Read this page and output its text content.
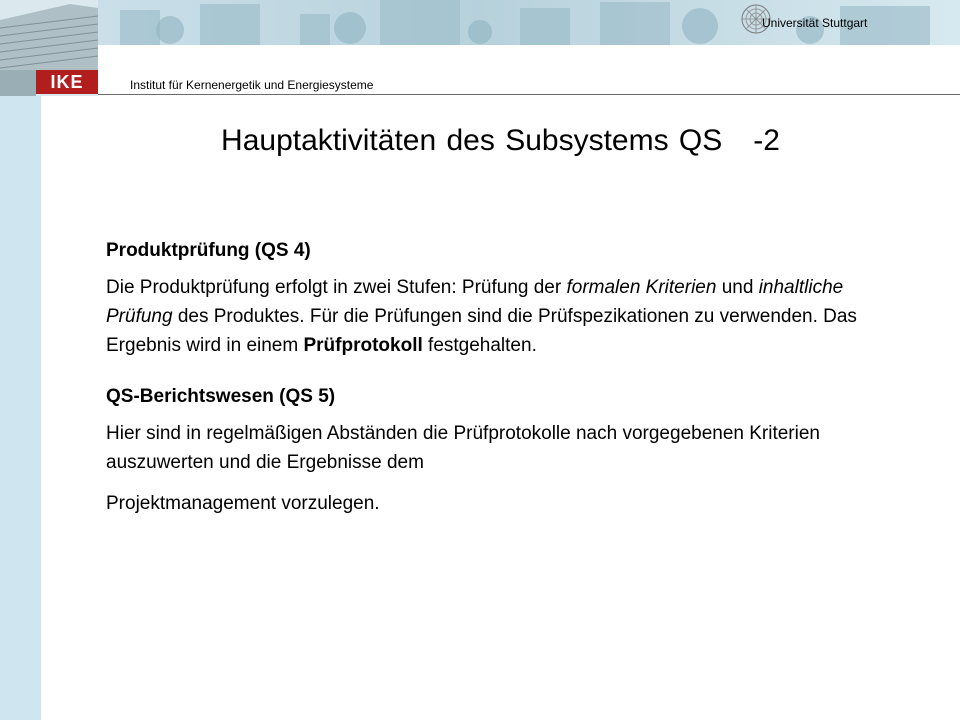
IKE
Universität Stuttgart
Institut für Kernenergetik und Energiesysteme
Hauptaktivitäten des Subsystems QS   -2

Produktprüfung (QS 4)

Die Produktprüfung erfolgt in zwei Stufen: Prüfung der formalen Kriterien und inhaltliche Prüfung des Produktes. Für die Prüfungen sind die Prüfspezikationen zu verwenden. Das Ergebnis wird in einem Prüfprotokoll festgehalten.

QS-Berichtswesen (QS 5)

Hier sind in regelmäßigen Abständen die Prüfprotokolle nach vorgegebenen Kriterien auszuwerten und die Ergebnisse dem

Projektmanagement vorzulegen.
